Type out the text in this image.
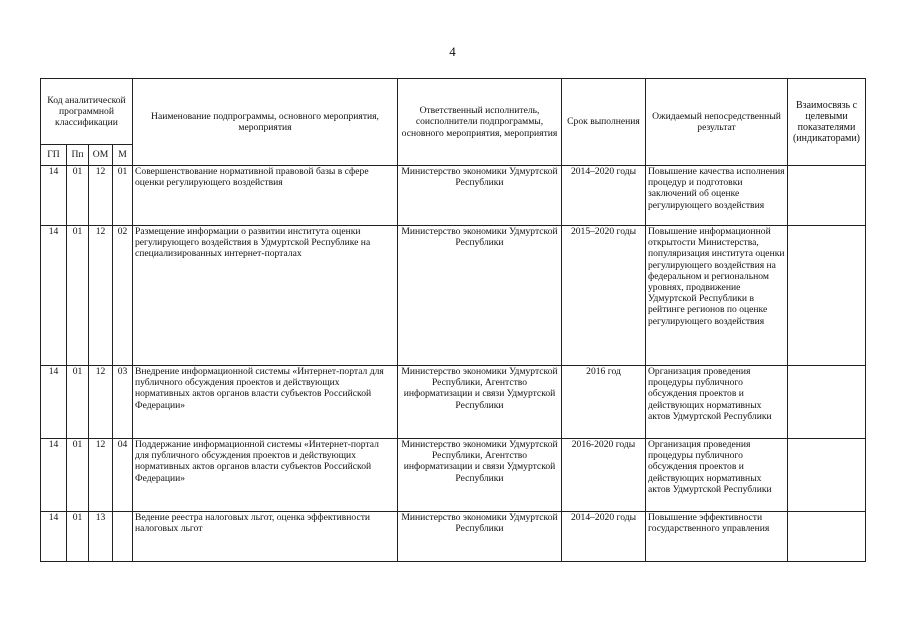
4
Код аналитической программной классификации				Наименование подпрограммы, основного мероприятия, мероприятия	Ответственный исполнитель, соисполнители подпрограммы, основного мероприятия, мероприятия	Срок выполнения	Ожидаемый непосредственный результат	Взаимосвязь с целевыми показателями (индикаторами)
ГП	Пп	ОМ	М					
14	01	12	01	Совершенствование нормативной правовой базы в сфере оценки регулирующего воздействия	Министерство экономики Удмуртской Республики	2014–2020 годы	Повышение качества исполнения процедур и подготовки заключений об оценке регулирующего воздействия	
14	01	12	02	Размещение информации о развитии института оценки регулирующего воздействия в Удмуртской Республике на специализированных интернет-порталах	Министерство экономики Удмуртской Республики	2015–2020 годы	Повышение информационной открытости Министерства, популяризация института оценки регулирующего воздействия на федеральном и региональном уровнях, продвижение Удмуртской Республики в рейтинге регионов по оценке регулирующего воздействия	
14	01	12	03	Внедрение информационной системы «Интернет-портал для публичного обсуждения проектов и действующих нормативных актов органов власти субъектов Российской Федерации»	Министерство экономики Удмуртской Республики, Агентство информатизации и связи Удмуртской Республики	2016 год	Организация проведения процедуры публичного обсуждения проектов и действующих нормативных актов Удмуртской Республики	
14	01	12	04	Поддержание информационной системы «Интернет-портал для публичного обсуждения проектов и действующих нормативных актов органов власти субъектов Российской Федерации»	Министерство экономики Удмуртской Республики, Агентство информатизации и связи Удмуртской Республики	2016-2020 годы	Организация проведения процедуры публичного обсуждения проектов и действующих нормативных актов Удмуртской Республики	
14	01	13		Ведение реестра налоговых льгот, оценка эффективности налоговых льгот	Министерство экономики Удмуртской Республики	2014–2020 годы	Повышение эффективности государственного управления	
